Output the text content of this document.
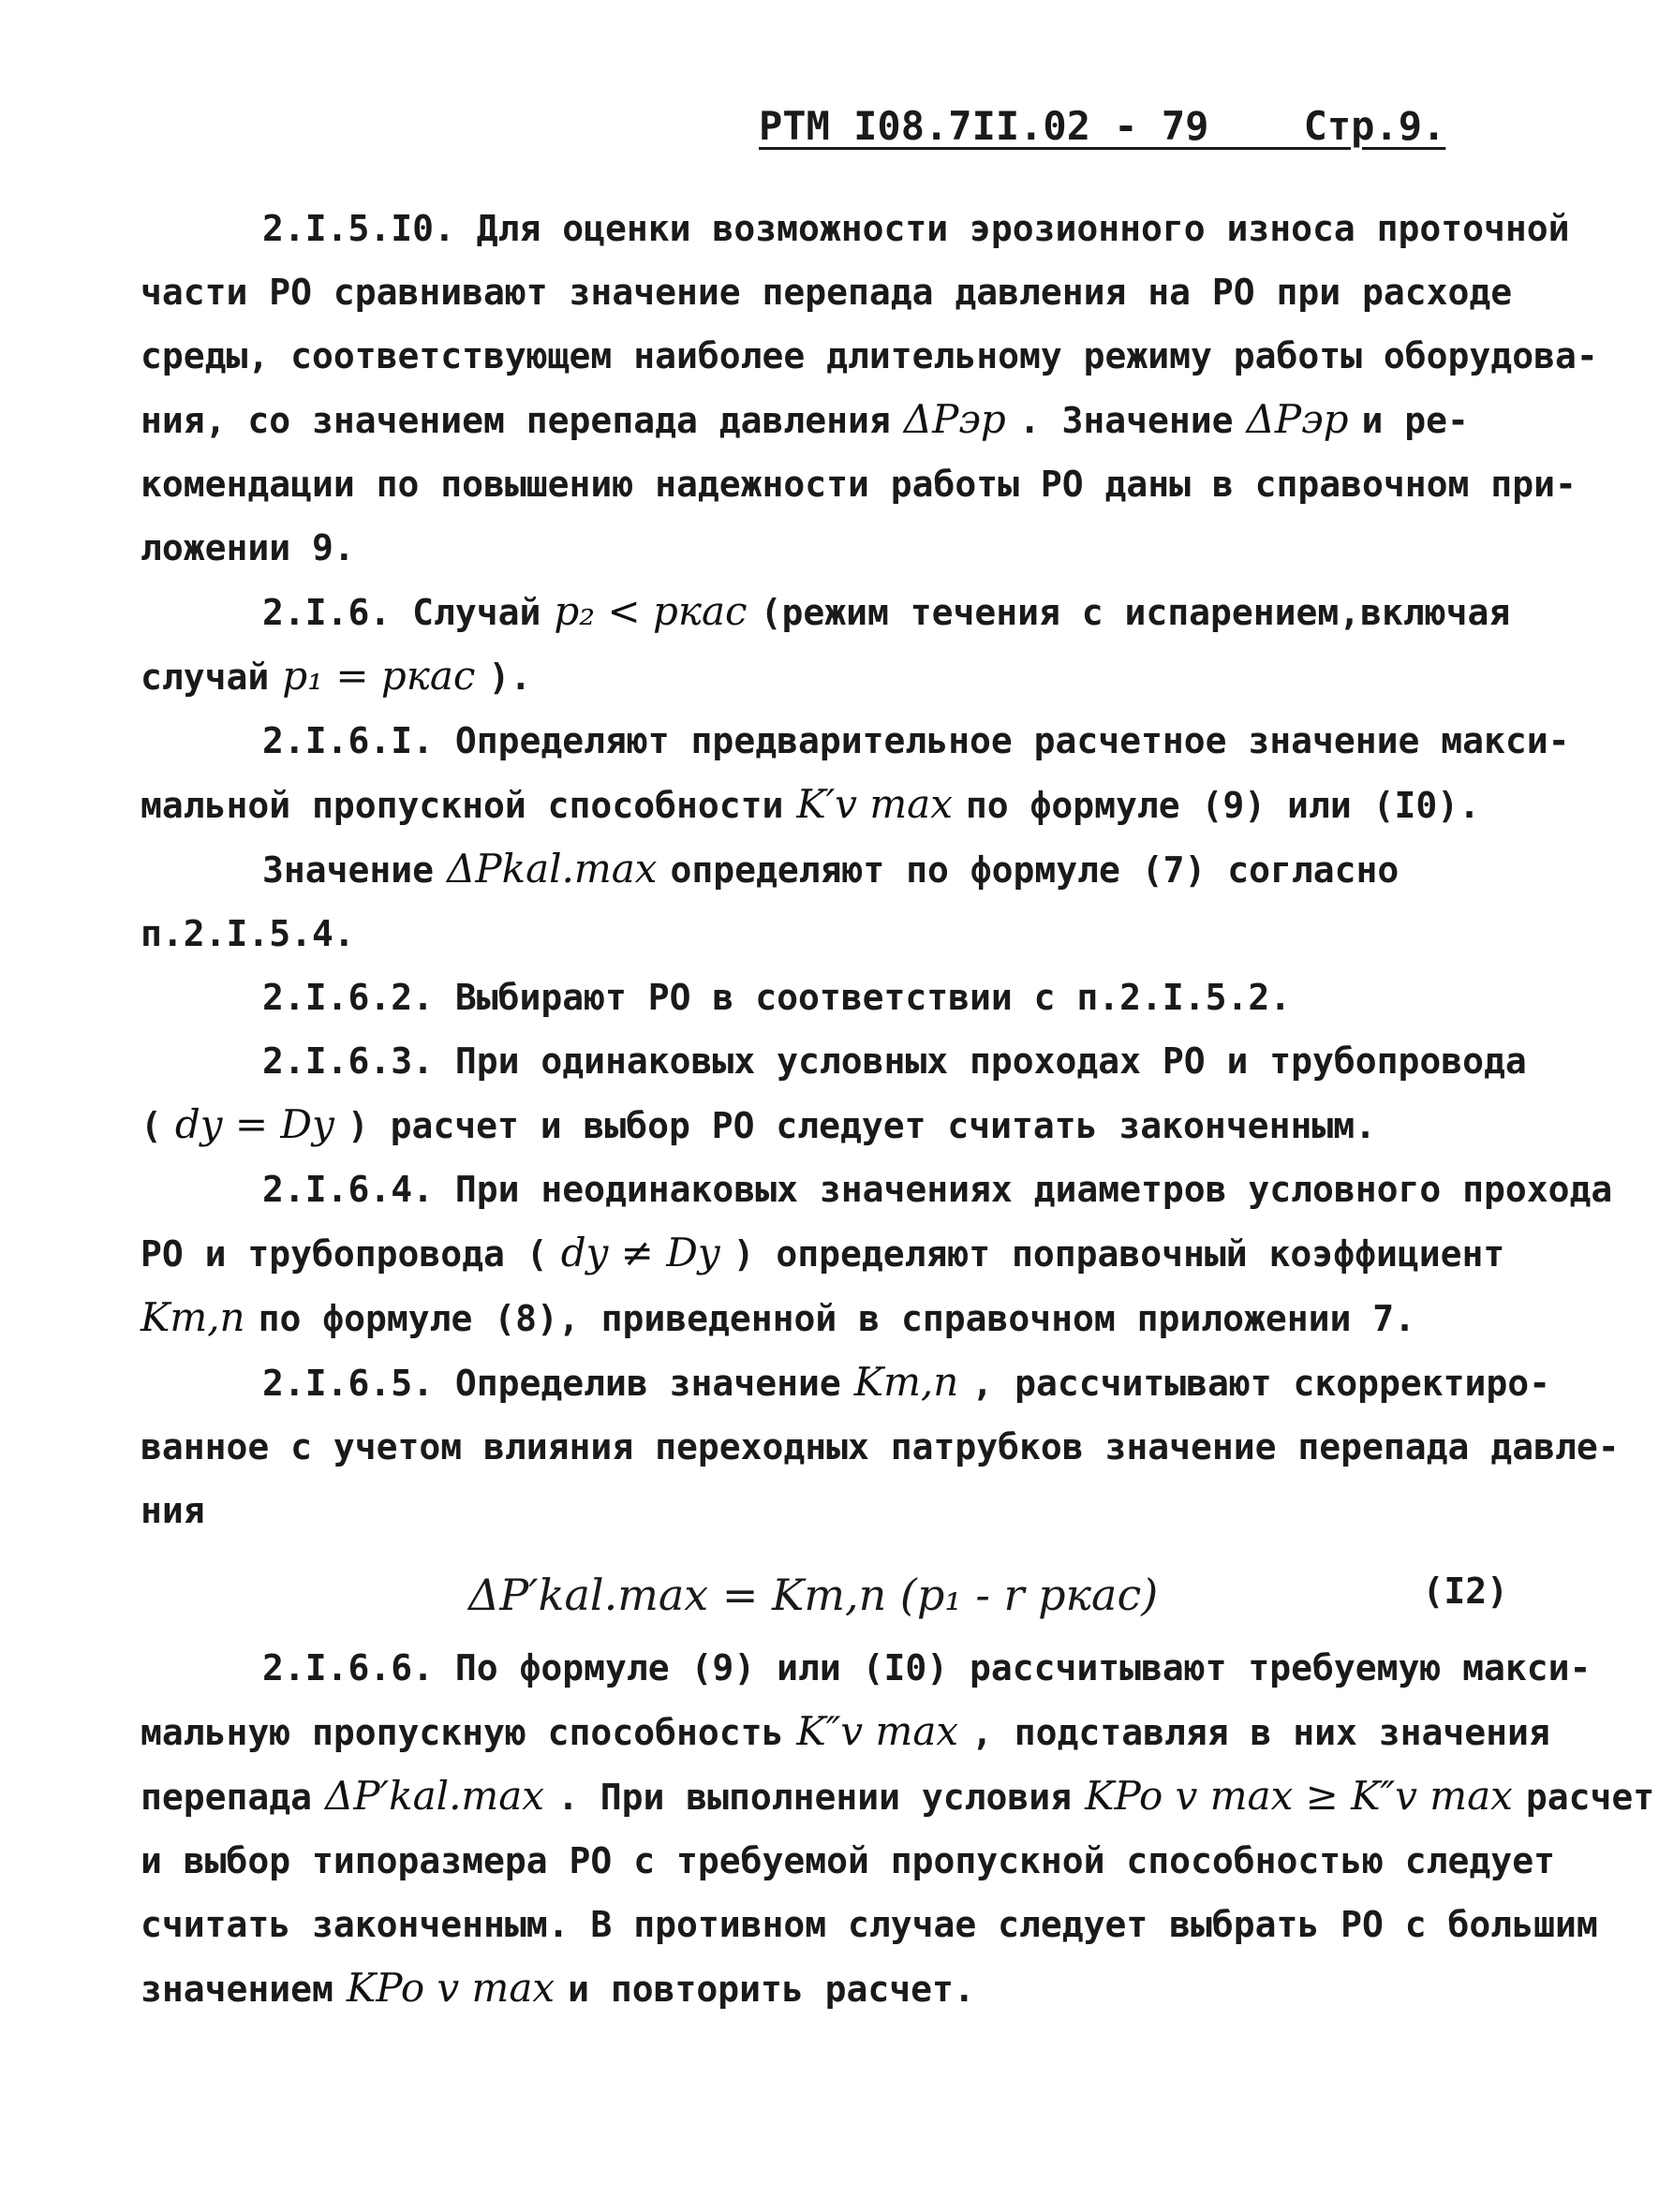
РТМ I08.7II.02 - 79    Стр.9.
2.I.5.I0. Для оценки возможности эрозионного износа проточной
части РО сравнивают значение перепада давления на РО при расходе
среды, соответствующем наиболее длительному режиму работы оборудова-
ния, со значением перепада давления ΔPэр . Значение ΔPэр и ре-
комендации по повышению надежности работы РО даны в справочном при-
ложении 9.
2.I.6. Случай p₂ < pкас (режим течения с испарением,включая
случай p₁ = pкас ).
2.I.6.I. Определяют предварительное расчетное значение макси-
мальной пропускной способности K′v max по формуле (9) или (I0).
Значение ΔPkal.max определяют по формуле (7) согласно
п.2.I.5.4.
2.I.6.2. Выбирают РО в соответствии с п.2.I.5.2.
2.I.6.3. При одинаковых условных проходах РО и трубопровода
( dy = Dy ) расчет и выбор РО следует считать законченным.
2.I.6.4. При неодинаковых значениях диаметров условного прохода
РО и трубопровода ( dy ≠ Dy ) определяют поправочный коэффициент
Km,n по формуле (8), приведенной в справочном приложении 7.
2.I.6.5. Определив значение Km,n , рассчитывают скорректиро-
ванное с учетом влияния переходных патрубков значение перепада давле-
ния
ΔP′kal.max = Km,n (p₁ - r pкас)	(I2)
2.I.6.6. По формуле (9) или (I0) рассчитывают требуемую макси-
мальную пропускную способность K″v max , подставляя в них значения
перепада ΔP′kal.max . При выполнении условия KPo v max ≥ K″v max расчет
и выбор типоразмера РО с требуемой пропускной способностью следует
считать законченным. В противном случае следует выбрать РО с большим
значением KPo v max и повторить расчет.
